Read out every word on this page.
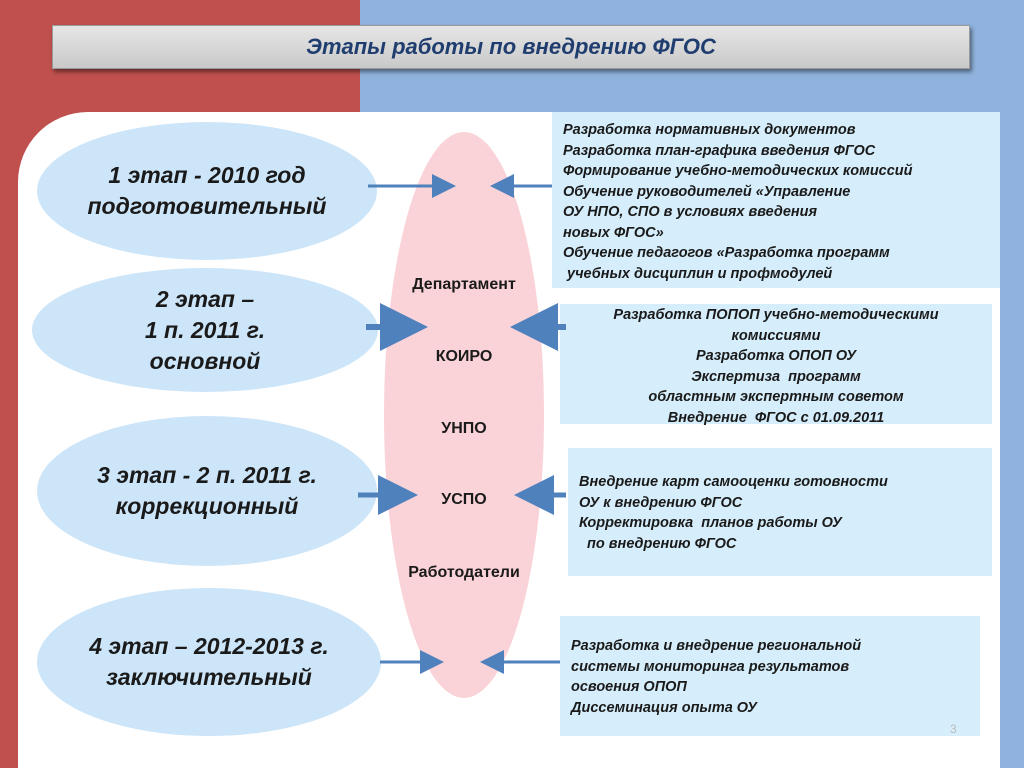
Этапы работы по внедрению ФГОС
1 этап - 2010 год
подготовительный
2 этап –
1 п. 2011 г.
основной
3 этап - 2 п. 2011 г.
коррекционный
4 этап – 2012-2013 г.
заключительный
Департамент
КОИРО
УНПО
УСПО
Работодатели
Разработка нормативных документов
Разработка план-графика введения ФГОС
Формирование учебно-методических комиссий
Обучение руководителей «Управление
ОУ НПО, СПО в условиях введения
новых ФГОС»
Обучение педагогов «Разработка программ
учебных дисциплин и профмодулей
Разработка ПОПОП учебно-методическими
комиссиями
Разработка ОПОП ОУ
Экспертиза  программ
областным экспертным советом
Внедрение  ФГОС с 01.09.2011
Внедрение карт самооценки готовности
ОУ к внедрению ФГОС
Корректировка  планов работы ОУ
по внедрению ФГОС
Разработка и внедрение региональной
системы мониторинга результатов
освоения ОПОП
Диссеминация опыта ОУ
3
